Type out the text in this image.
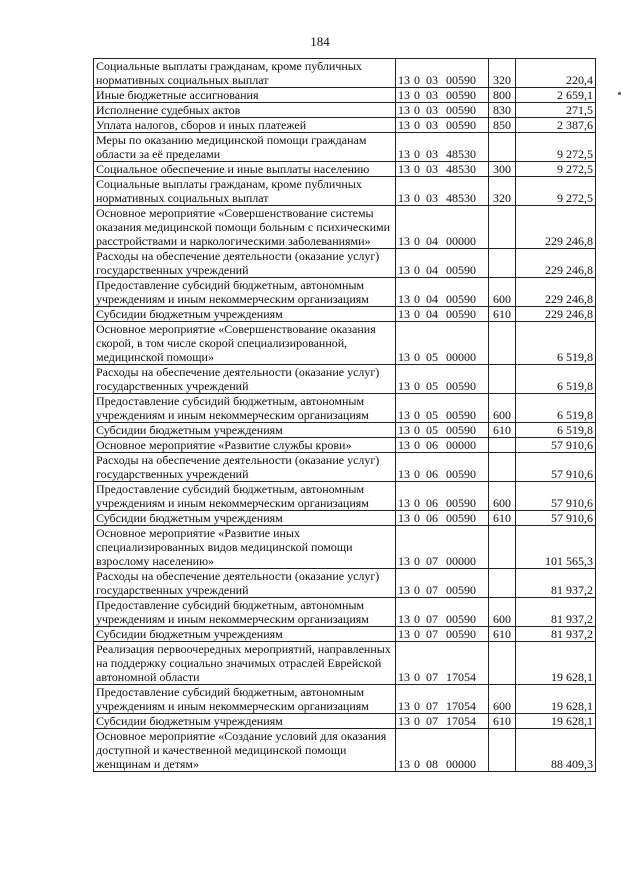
184
Социальные выплаты гражданам, кроме публичных нормативных социальных выплат	13 0 03 00590	320	220,4
Иные бюджетные ассигнования	13 0 03 00590	800	2 659,1
Исполнение судебных актов	13 0 03 00590	830	271,5
Уплата налогов, сборов и иных платежей	13 0 03 00590	850	2 387,6
Меры по оказанию медицинской помощи гражданам области за её пределами	13 0 03 48530		9 272,5
Социальное обеспечение и иные выплаты населению	13 0 03 48530	300	9 272,5
Социальные выплаты гражданам, кроме публичных нормативных социальных выплат	13 0 03 48530	320	9 272,5
Основное мероприятие «Совершенствование системы оказания медицинской помощи больным с психическими расстройствами и наркологическими заболеваниями»	13 0 04 00000		229 246,8
Расходы на обеспечение деятельности (оказание услуг) государственных учреждений	13 0 04 00590		229 246,8
Предоставление субсидий бюджетным, автономным учреждениям и иным некоммерческим организациям	13 0 04 00590	600	229 246,8
Субсидии бюджетным учреждениям	13 0 04 00590	610	229 246,8
Основное мероприятие «Совершенствование оказания скорой, в том числе скорой специализированной, медицинской помощи»	13 0 05 00000		6 519,8
Расходы на обеспечение деятельности (оказание услуг) государственных учреждений	13 0 05 00590		6 519,8
Предоставление субсидий бюджетным, автономным учреждениям и иным некоммерческим организациям	13 0 05 00590	600	6 519,8
Субсидии бюджетным учреждениям	13 0 05 00590	610	6 519,8
Основное мероприятие «Развитие службы крови»	13 0 06 00000		57 910,6
Расходы на обеспечение деятельности (оказание услуг) государственных учреждений	13 0 06 00590		57 910,6
Предоставление субсидий бюджетным, автономным учреждениям и иным некоммерческим организациям	13 0 06 00590	600	57 910,6
Субсидии бюджетным учреждениям	13 0 06 00590	610	57 910,6
Основное мероприятие «Развитие иных специализированных видов медицинской помощи взрослому населению»	13 0 07 00000		101 565,3
Расходы на обеспечение деятельности (оказание услуг) государственных учреждений	13 0 07 00590		81 937,2
Предоставление субсидий бюджетным, автономным учреждениям и иным некоммерческим организациям	13 0 07 00590	600	81 937,2
Субсидии бюджетным учреждениям	13 0 07 00590	610	81 937,2
Реализация первоочередных мероприятий, направленных на поддержку социально значимых отраслей Еврейской автономной области	13 0 07 17054		19 628,1
Предоставление субсидий бюджетным, автономным учреждениям и иным некоммерческим организациям	13 0 07 17054	600	19 628,1
Субсидии бюджетным учреждениям	13 0 07 17054	610	19 628,1
Основное мероприятие «Создание условий для оказания доступной и качественной медицинской помощи женщинам и детям»	13 0 08 00000		88 409,3
